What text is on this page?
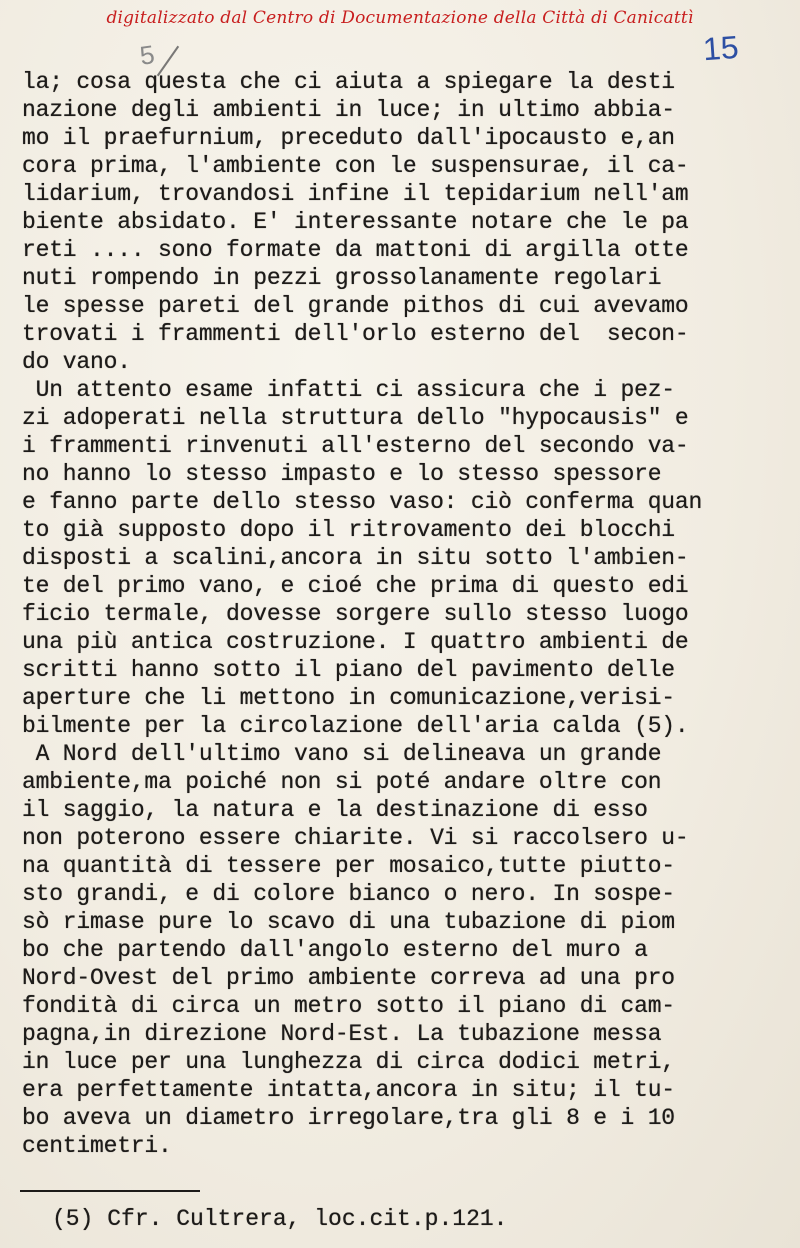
digitalizzato dal Centro di Documentazione della Città di Canicattì
5	15
la; cosa questa che ci aiuta a spiegare la desti
nazione degli ambienti in luce; in ultimo abbia-
mo il praefurnium, preceduto dall'ipocausto e,an
cora prima, l'ambiente con le suspensurae, il ca-
lidarium, trovandosi infine il tepidarium nell'am
biente absidato. E' interessante notare che le pa
reti .... sono formate da mattoni di argilla otte
nuti rompendo in pezzi grossolanamente regolari
le spesse pareti del grande pithos di cui avevamo
trovati i frammenti dell'orlo esterno del  secon-
do vano.
Un attento esame infatti ci assicura che i pez-
zi adoperati nella struttura dello "hypocausis" e
i frammenti rinvenuti all'esterno del secondo va-
no hanno lo stesso impasto e lo stesso spessore
e fanno parte dello stesso vaso: ciò conferma quan
to già supposto dopo il ritrovamento dei blocchi
disposti a scalini,ancora in situ sotto l'ambien-
te del primo vano, e cioé che prima di questo edi
ficio termale, dovesse sorgere sullo stesso luogo
una più antica costruzione. I quattro ambienti de
scritti hanno sotto il piano del pavimento delle
aperture che li mettono in comunicazione,verisi-
bilmente per la circolazione dell'aria calda (5).
A Nord dell'ultimo vano si delineava un grande
ambiente,ma poiché non si poté andare oltre con
il saggio, la natura e la destinazione di esso
non poterono essere chiarite. Vi si raccolsero u-
na quantità di tessere per mosaico,tutte piutto-
sto grandi, e di colore bianco o nero. In sospe-
sò rimase pure lo scavo di una tubazione di piom
bo che partendo dall'angolo esterno del muro a
Nord-Ovest del primo ambiente correva ad una pro
fondità di circa un metro sotto il piano di cam-
pagna,in direzione Nord-Est. La tubazione messa
in luce per una lunghezza di circa dodici metri,
era perfettamente intatta,ancora in situ; il tu-
bo aveva un diametro irregolare,tra gli 8 e i 10
centimetri.
(5) Cfr. Cultrera, loc.cit.p.121.
